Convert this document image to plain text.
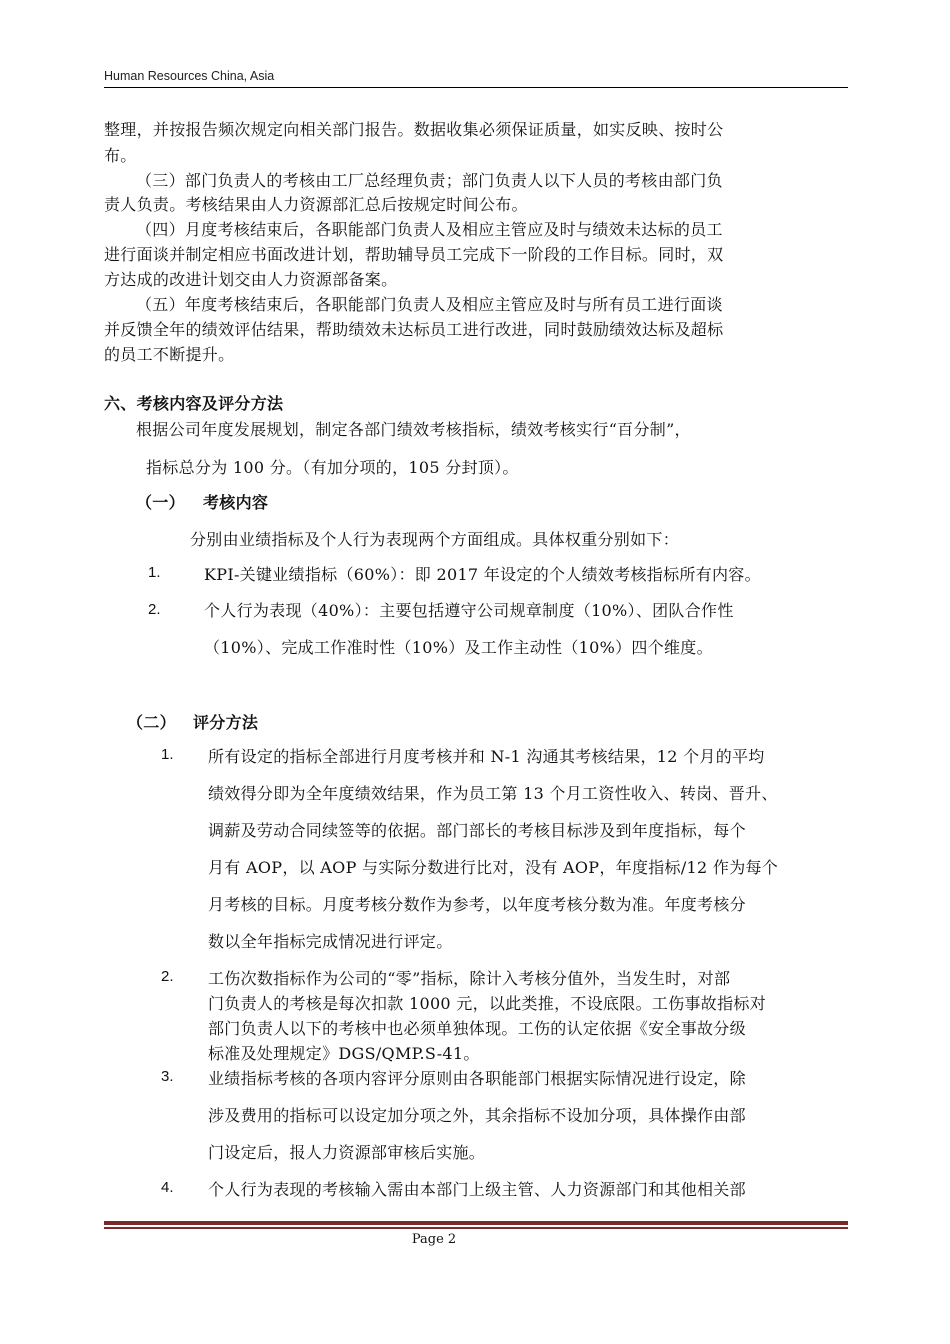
Human Resources China, Asia
整理，并按报告频次规定向相关部门报告。数据收集必须保证质量，如实反映、按时公
布。
（三）部门负责人的考核由工厂总经理负责；部门负责人以下人员的考核由部门负
责人负责。考核结果由人力资源部汇总后按规定时间公布。
（四）月度考核结束后，各职能部门负责人及相应主管应及时与绩效未达标的员工
进行面谈并制定相应书面改进计划，帮助辅导员工完成下一阶段的工作目标。同时，双
方达成的改进计划交由人力资源部备案。
（五）年度考核结束后，各职能部门负责人及相应主管应及时与所有员工进行面谈
并反馈全年的绩效评估结果，帮助绩效未达标员工进行改进，同时鼓励绩效达标及超标
的员工不断提升。
六、考核内容及评分方法
根据公司年度发展规划，制定各部门绩效考核指标，绩效考核实行“百分制”，
指标总分为 100 分。（有加分项的，105 分封顶）。
（一） 考核内容
分别由业绩指标及个人行为表现两个方面组成。具体权重分别如下：
1.	KPI-关键业绩指标（60%）：即 2017 年设定的个人绩效考核指标所有内容。
2.	个人行为表现（40%）：主要包括遵守公司规章制度（10%）、团队合作性
（10%）、完成工作准时性（10%）及工作主动性（10%）四个维度。
（二） 评分方法
1. 所有设定的指标全部进行月度考核并和 N-1 沟通其考核结果，12 个月的平均
绩效得分即为全年度绩效结果，作为员工第 13 个月工资性收入、转岗、晋升、
调薪及劳动合同续签等的依据。部门部长的考核目标涉及到年度指标，每个
月有 AOP，以 AOP 与实际分数进行比对，没有 AOP，年度指标/12 作为每个
月考核的目标。月度考核分数作为参考，以年度考核分数为准。年度考核分
数以全年指标完成情况进行评定。
2. 工伤次数指标作为公司的“零”指标，除计入考核分值外，当发生时，对部
门负责人的考核是每次扣款 1000 元，以此类推，不设底限。工伤事故指标对
部门负责人以下的考核中也必须单独体现。工伤的认定依据《安全事故分级
标准及处理规定》DGS/QMP.S-41。
3. 业绩指标考核的各项内容评分原则由各职能部门根据实际情况进行设定，除
涉及费用的指标可以设定加分项之外，其余指标不设加分项，具体操作由部
门设定后，报人力资源部审核后实施。
4. 个人行为表现的考核输入需由本部门上级主管、人力资源部门和其他相关部
Page 2
